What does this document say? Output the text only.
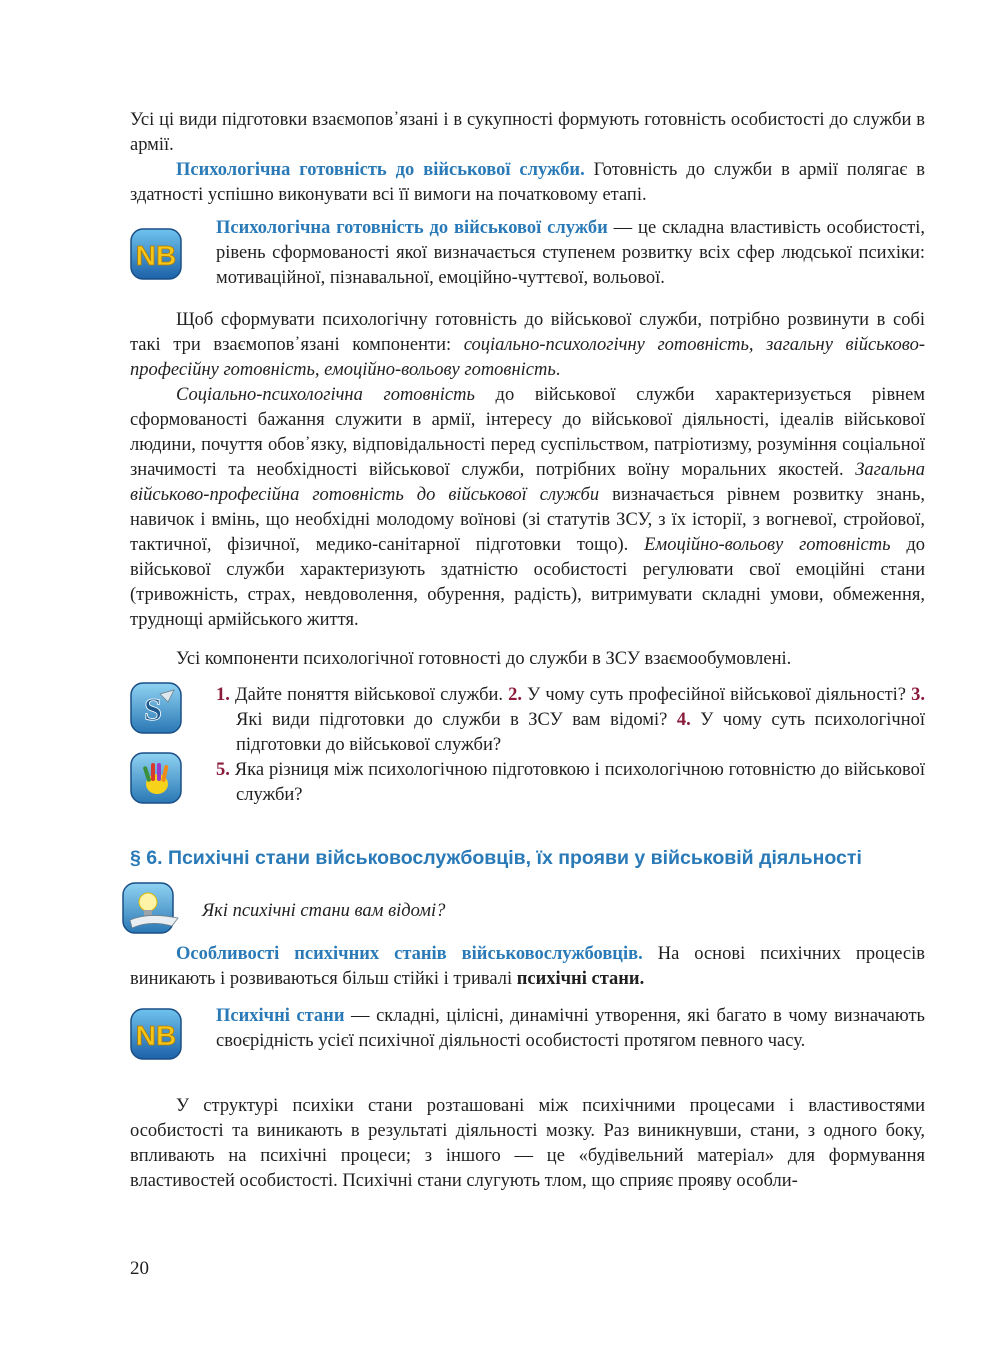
Усі ці види підготовки взаємопов᾿язані і в сукупності формують готовність особистості до служби в армії.

Психологічна готовність до військової служби. Готовність до служби в армії полягає в здатності успішно виконувати всі її вимоги на початковому етапі.

NB

Психологічна готовність до військової служби — це складна властивість особистості, рівень сформованості якої визначається ступенем розвитку всіх сфер людської психіки: мотиваційної, пізнавальної, емоційно-чуттєвої, вольової.

Щоб сформувати психологічну готовність до військової служби, потрібно розвинути в собі такі три взаємопов᾿язані компоненти: соціально-психологічну готовність, загальну військово-професійну готовність, емоційно-вольову готовність.

Соціально-психологічна готовність до військової служби характеризується рівнем сформованості бажання служити в армії, інтересу до військової діяльності, ідеалів військової людини, почуття обов᾿язку, відповідальності перед суспільством, патріотизму, розуміння соціальної значимості та необхідності військової служби, потрібних воїну моральних якостей. Загальна військово-професійна готовність до військової служби визначається рівнем розвитку знань, навичок і вмінь, що необхідні молодому воїнові (зі статутів ЗСУ, з їх історії, з вогневої, стройової, тактичної, фізичної, медико-санітарної підготовки тощо). Емоційно-вольову готовність до військової служби характеризують здатністю особистості регулювати свої емоційні стани (тривожність, страх, невдоволення, обурення, радість), витримувати складні умови, обмеження, труднощі армійського життя.

Усі компоненти психологічної готовності до служби в ЗСУ взаємообумовлені.

S	1. Дайте поняття військової служби. 2. У чому суть професійної військової діяльності? 3. Які види підготовки до служби в ЗСУ вам відомі? 4. У чому суть психологічної підготовки до військової служби?

5. Яка різниця між психологічною підготовкою і психологічною готовністю до військової служби?

§ 6. Психічні стани військовослужбовців, їх прояви у військовій діяльності
Які психічні стани вам відомі?

Особливості психічних станів військовослужбовців. На основі психічних процесів виникають і розвиваються більш стійкі і тривалі психічні стани.

NB

Психічні стани — складні, цілісні, динамічні утворення, які багато в чому визначають своєрідність усієї психічної діяльності особистості протягом певного часу.

У структурі психіки стани розташовані між психічними процесами і властивостями особистості та виникають в результаті діяльності мозку. Раз виникнувши, стани, з одного боку, впливають на психічні процеси; з іншого — це «будівельний матеріал» для формування властивостей особистості. Психічні стани слугують тлом, що сприяє прояву особли-

20
